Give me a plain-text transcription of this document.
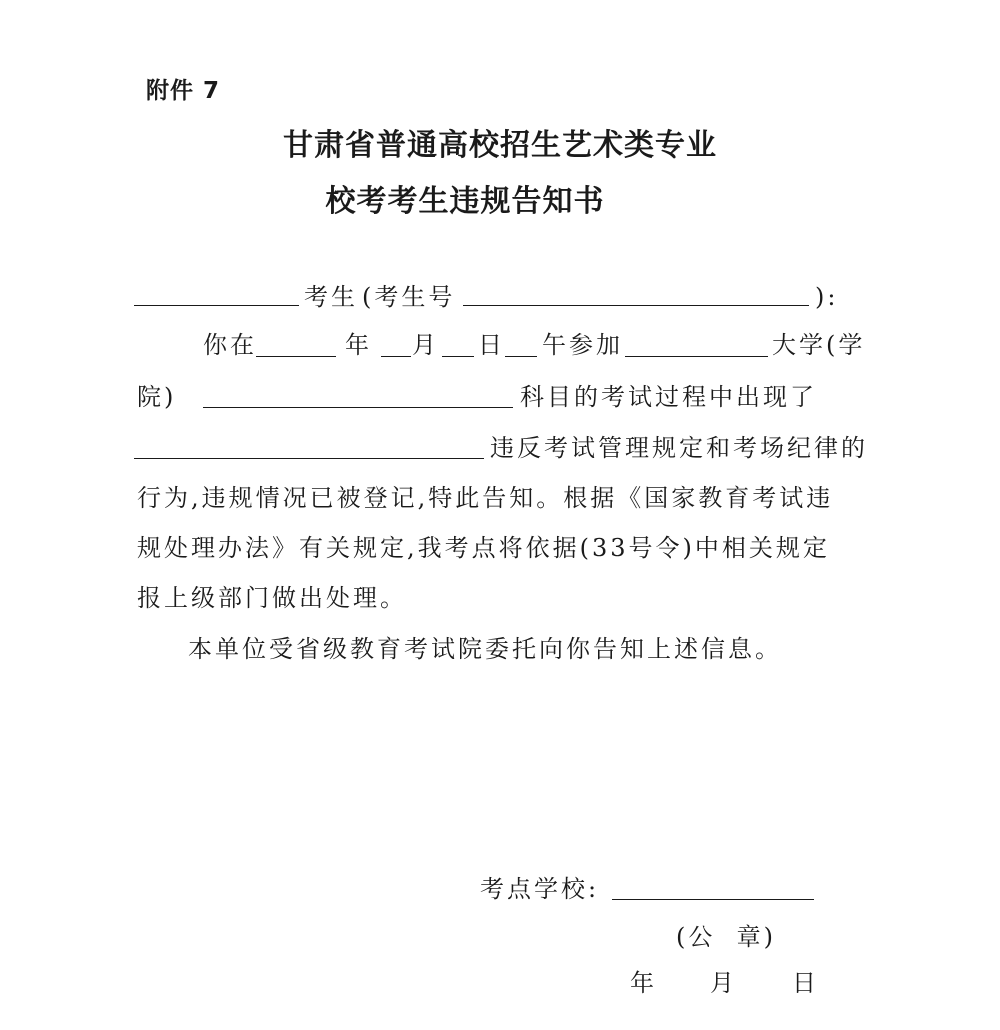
附件 7
甘肃省普通高校招生艺术类专业
校考考生违规告知书
考生 (考生号	):
你在	年 月 日 午参加	大学(学
院)	科目的考试过程中出现了
违反考试管理规定和考场纪律的
行为,违规情况已被登记,特此告知。根据《国家教育考试违
规处理办法》有关规定,我考点将依据(33号令)中相关规定
报上级部门做出处理。
本单位受省级教育考试院委托向你告知上述信息。
考点学校:
(公  章)
年 月 日
